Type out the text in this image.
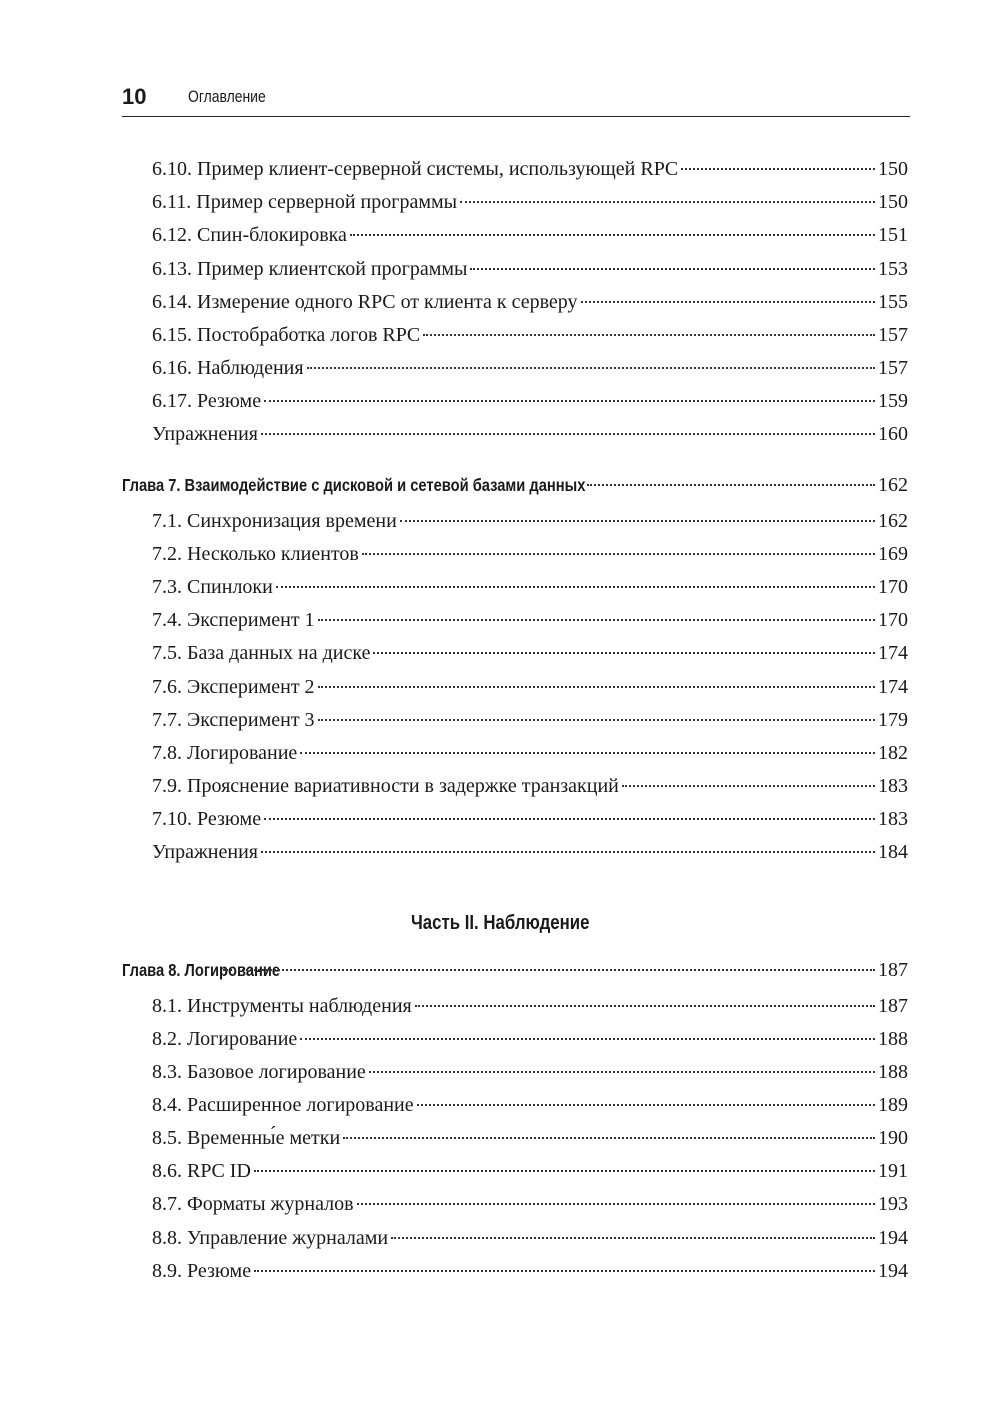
10 Оглавление
6.10. Пример клиент-серверной системы, использующей RPC	150
6.11. Пример серверной программы	150
6.12. Спин-блокировка	151
6.13. Пример клиентской программы	153
6.14. Измерение одного RPC от клиента к серверу	155
6.15. Постобработка логов RPC	157
6.16. Наблюдения	157
6.17. Резюме	159
Упражнения	160
Глава 7. Взаимодействие с дисковой и сетевой базами данных	162
7.1. Синхронизация времени	162
7.2. Несколько клиентов	169
7.3. Спинлоки	170
7.4. Эксперимент 1	170
7.5. База данных на диске	174
7.6. Эксперимент 2	174
7.7. Эксперимент 3	179
7.8. Логирование	182
7.9. Прояснение вариативности в задержке транзакций	183
7.10. Резюме	183
Упражнения	184
Глава 8. Логирование	187
8.1. Инструменты наблюдения	187
8.2. Логирование	188
8.3. Базовое логирование	188
8.4. Расширенное логирование	189
8.5. Временны́е метки	190
8.6. RPC ID	191
8.7. Форматы журналов	193
8.8. Управление журналами	194
8.9. Резюме	194
Часть II. Наблюдение
